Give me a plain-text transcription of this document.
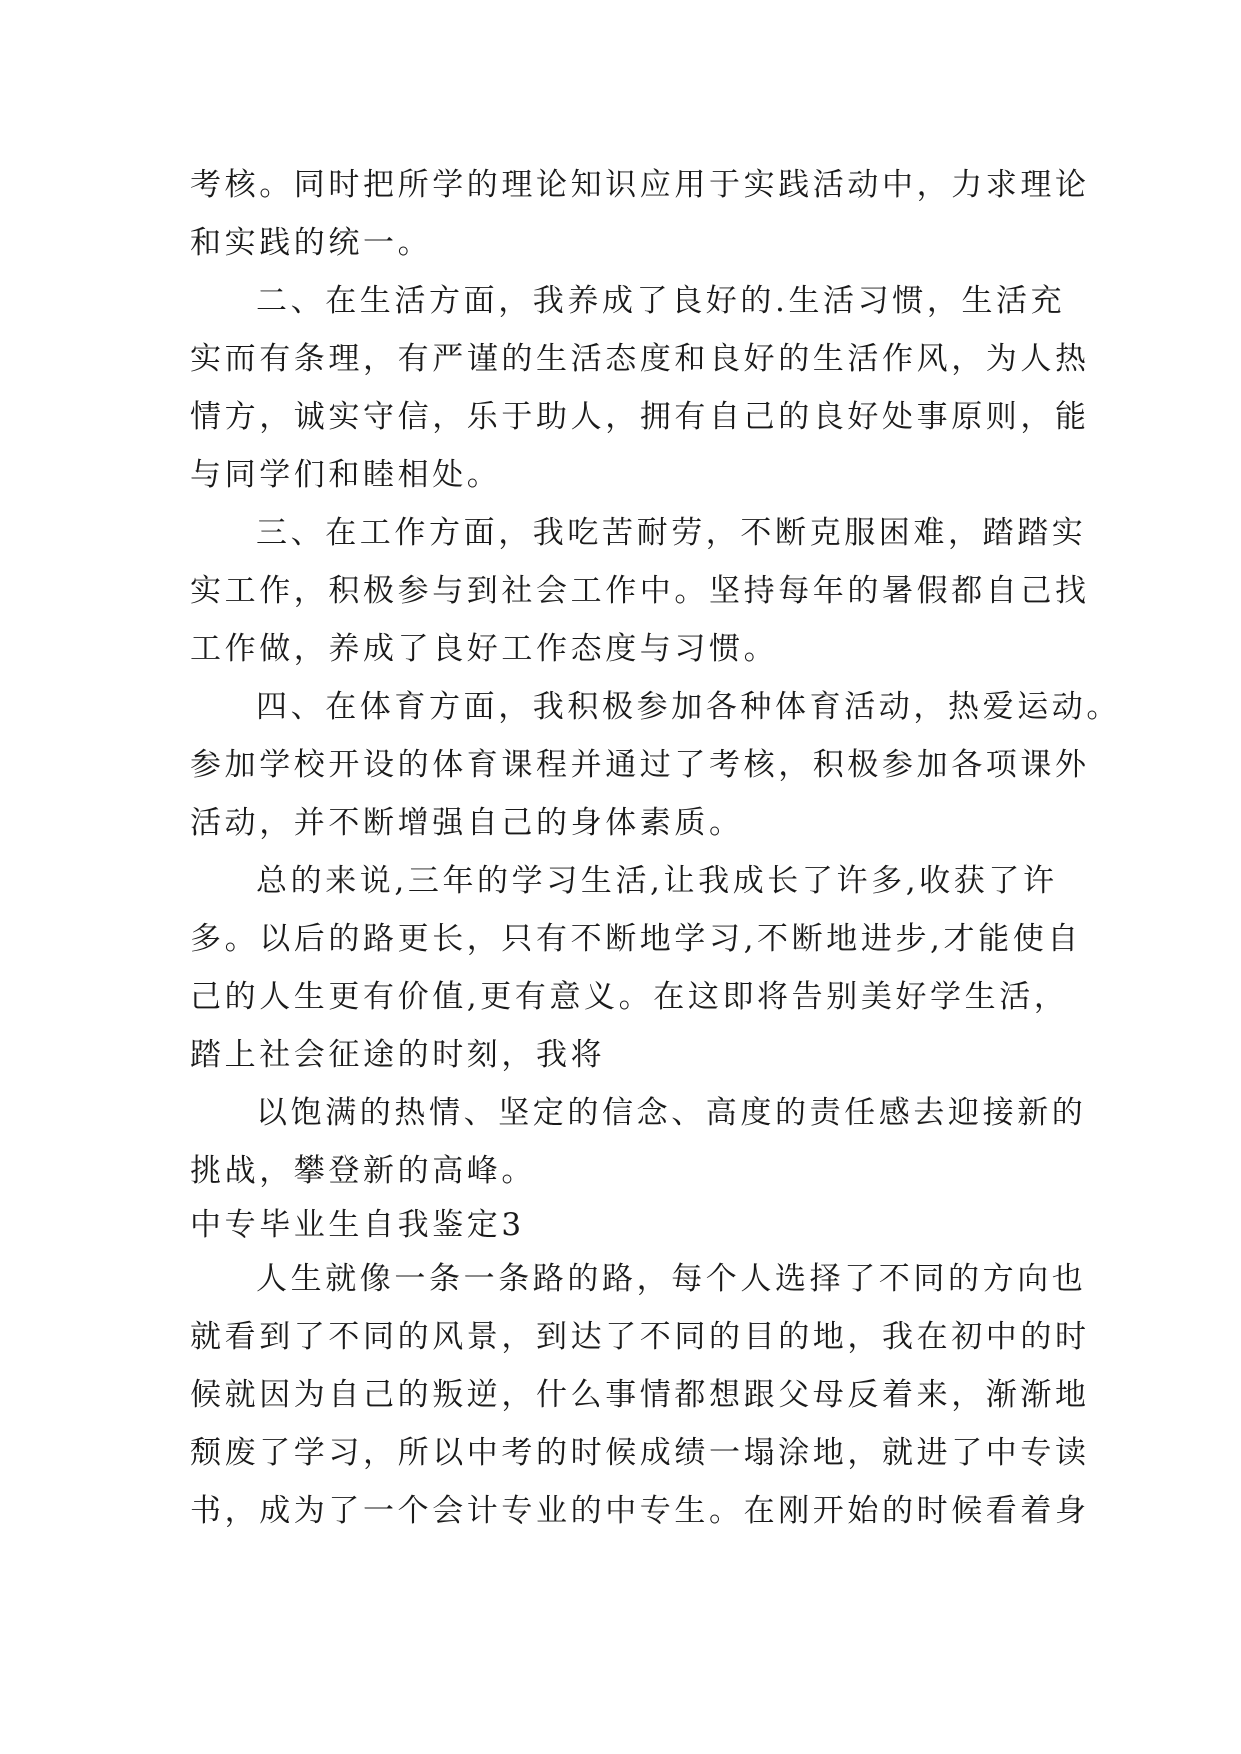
考核。同时把所学的理论知识应用于实践活动中，力求理论
和实践的统一。
二、在生活方面，我养成了良好的.生活习惯，生活充
实而有条理，有严谨的生活态度和良好的生活作风，为人热
情方，诚实守信，乐于助人，拥有自己的良好处事原则，能
与同学们和睦相处。
三、在工作方面，我吃苦耐劳，不断克服困难，踏踏实
实工作，积极参与到社会工作中。坚持每年的暑假都自己找
工作做，养成了良好工作态度与习惯。
四、在体育方面，我积极参加各种体育活动，热爱运动。
参加学校开设的体育课程并通过了考核，积极参加各项课外
活动，并不断增强自己的身体素质。
总的来说,三年的学习生活,让我成长了许多,收获了许
多。以后的路更长，只有不断地学习,不断地进步,才能使自
己的人生更有价值,更有意义。在这即将告别美好学生活，
踏上社会征途的时刻，我将
以饱满的热情、坚定的信念、高度的责任感去迎接新的
挑战，攀登新的高峰。
中专毕业生自我鉴定3
人生就像一条一条路的路，每个人选择了不同的方向也
就看到了不同的风景，到达了不同的目的地，我在初中的时
候就因为自己的叛逆，什么事情都想跟父母反着来，渐渐地
颓废了学习，所以中考的时候成绩一塌涂地，就进了中专读
书，成为了一个会计专业的中专生。在刚开始的时候看着身
